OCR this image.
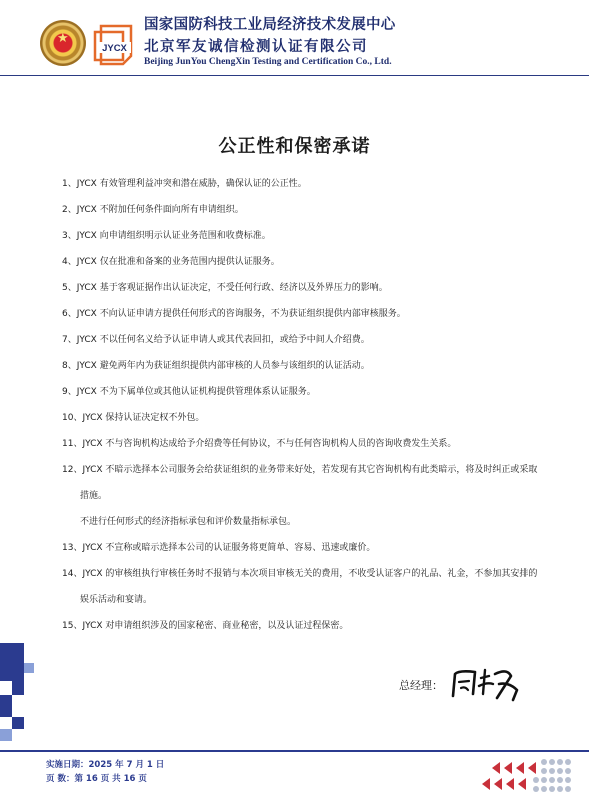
★
JYCX
国家国防科技工业局经济技术发展中心
北京军友诚信检测认证有限公司
Beijing JunYou ChengXin Testing and Certification Co., Ltd.
公正性和保密承诺
1、JYCX 有效管理利益冲突和潜在威胁，确保认证的公正性。
2、JYCX 不附加任何条件面向所有申请组织。
3、JYCX 向申请组织明示认证业务范围和收费标准。
4、JYCX 仅在批准和备案的业务范围内提供认证服务。
5、JYCX 基于客观证据作出认证决定，不受任何行政、经济以及外界压力的影响。
6、JYCX 不向认证申请方提供任何形式的咨询服务，不为获证组织提供内部审核服务。
7、JYCX 不以任何名义给予认证申请人或其代表回扣，或给予中间人介绍费。
8、JYCX 避免两年内为获证组织提供内部审核的人员参与该组织的认证活动。
9、JYCX 不为下属单位或其他认证机构提供管理体系认证服务。
10、JYCX 保持认证决定权不外包。
11、JYCX 不与咨询机构达成给予介绍费等任何协议，不与任何咨询机构人员的咨询收费发生关系。
12、JYCX 不暗示选择本公司服务会给获证组织的业务带来好处，若发现有其它咨询机构有此类暗示，将及时纠正或采取
措施。
不进行任何形式的经济指标承包和评价数量指标承包。
13、JYCX 不宣称或暗示选择本公司的认证服务将更简单、容易、迅速或廉价。
14、JYCX 的审核组执行审核任务时不报销与本次项目审核无关的费用，不收受认证客户的礼品、礼金，不参加其安排的
娱乐活动和宴请。
15、JYCX 对申请组织涉及的国家秘密、商业秘密，以及认证过程保密。
总经理：
实施日期：2025 年 7 月 1 日
页 数：第 16 页 共 16 页
